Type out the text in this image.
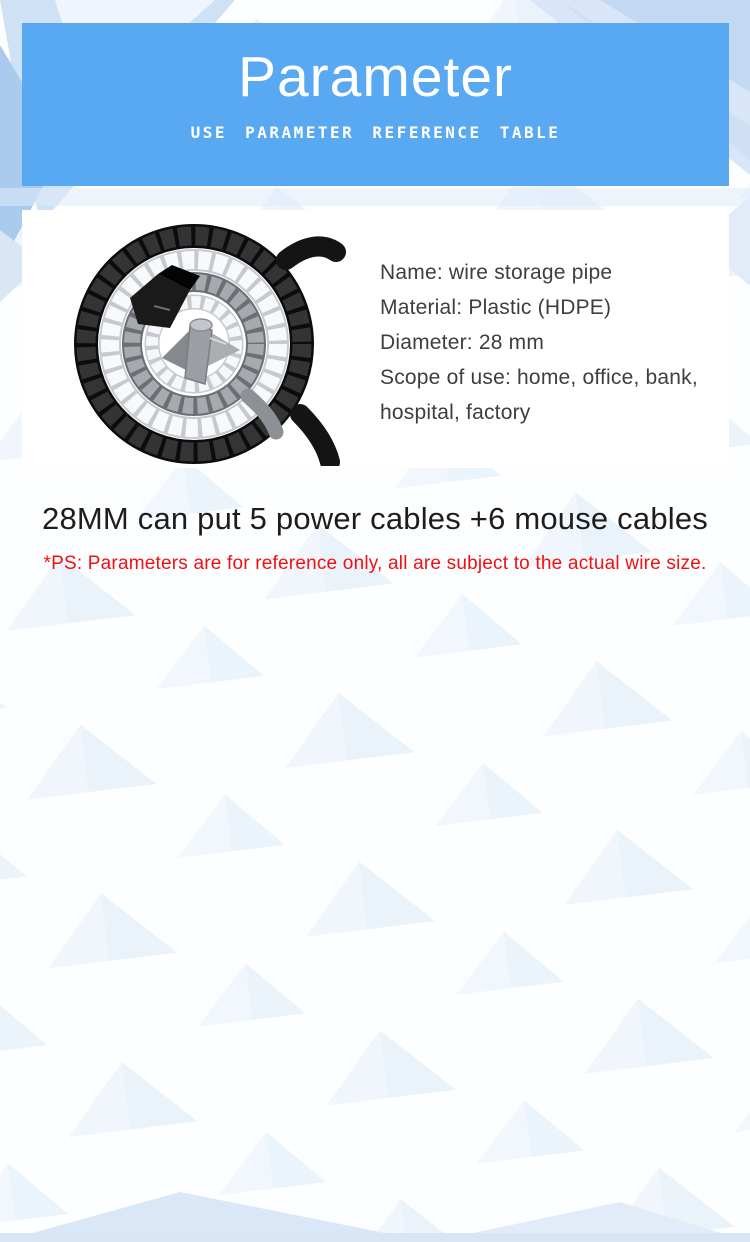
Parameter
USE PARAMETER REFERENCE TABLE
Name: wire storage pipe
Material: Plastic (HDPE)
Diameter: 28 mm
Scope of use: home, office, bank,
hospital, factory
28MM can put 5 power cables +6 mouse cables
*PS: Parameters are for reference only, all are subject to the actual wire size.
